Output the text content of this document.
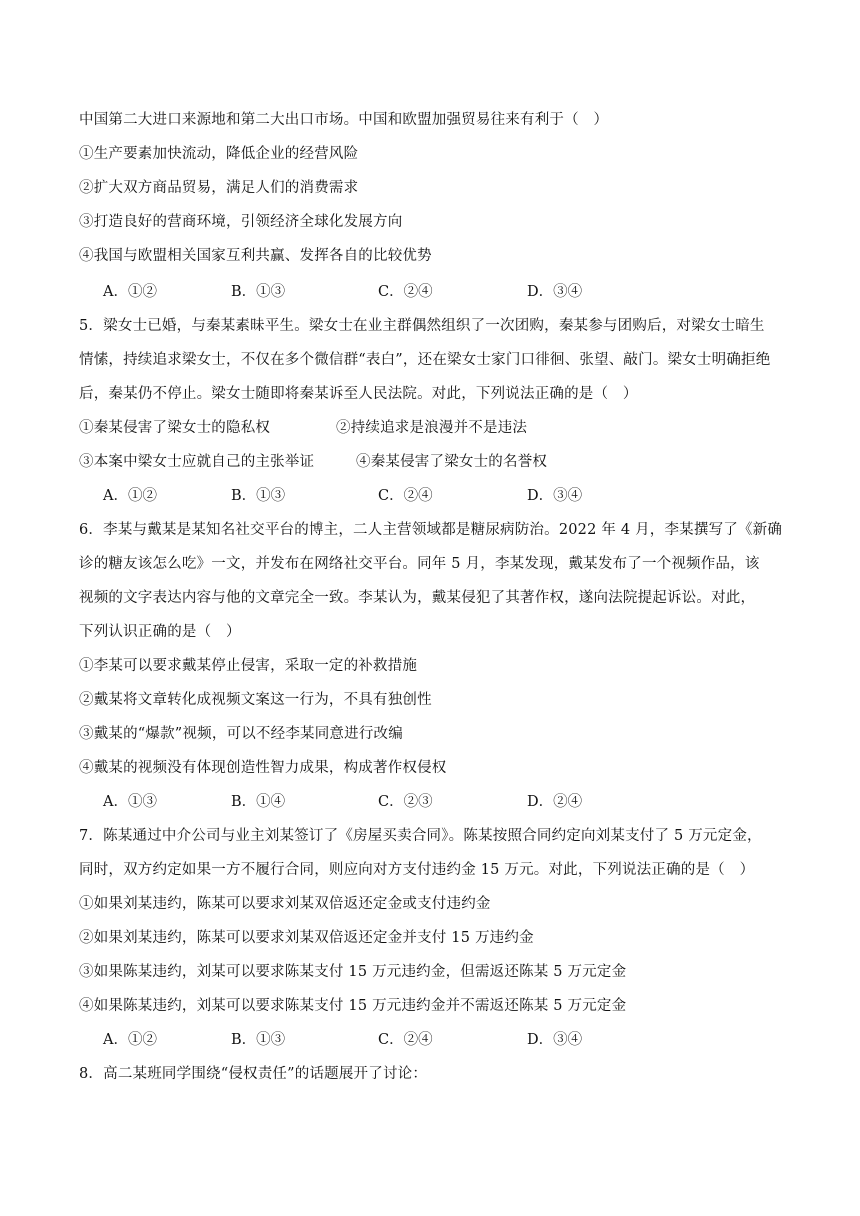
中国第二大进口来源地和第二大出口市场。中国和欧盟加强贸易往来有利于（　）
①生产要素加快流动，降低企业的经营风险
②扩大双方商品贸易，满足人们的消费需求
③打造良好的营商环境，引领经济全球化发展方向
④我国与欧盟相关国家互利共赢、发挥各自的比较优势
A．①②	B．①③	C．②④	D．③④
5．梁女士已婚，与秦某素昧平生。梁女士在业主群偶然组织了一次团购，秦某参与团购后，对梁女士暗生
情愫，持续追求梁女士，不仅在多个微信群“表白”，还在梁女士家门口徘徊、张望、敲门。梁女士明确拒绝
后，秦某仍不停止。梁女士随即将秦某诉至人民法院。对此，下列说法正确的是（　）
①秦某侵害了梁女士的隐私权	②持续追求是浪漫并不是违法
③本案中梁女士应就自己的主张举证	④秦某侵害了梁女士的名誉权
A．①②	B．①③	C．②④	D．③④
6．李某与戴某是某知名社交平台的博主，二人主营领域都是糖尿病防治。2022 年 4 月，李某撰写了《新确
诊的糖友该怎么吃》一文，并发布在网络社交平台。同年 5 月，李某发现，戴某发布了一个视频作品，该
视频的文字表达内容与他的文章完全一致。李某认为，戴某侵犯了其著作权，遂向法院提起诉讼。对此，
下列认识正确的是（　）
①李某可以要求戴某停止侵害，采取一定的补救措施
②戴某将文章转化成视频文案这一行为，不具有独创性
③戴某的“爆款”视频，可以不经李某同意进行改编
④戴某的视频没有体现创造性智力成果，构成著作权侵权
A．①③	B．①④	C．②③	D．②④
7．陈某通过中介公司与业主刘某签订了《房屋买卖合同》。陈某按照合同约定向刘某支付了 5 万元定金，
同时，双方约定如果一方不履行合同，则应向对方支付违约金 15 万元。对此，下列说法正确的是（　）
①如果刘某违约，陈某可以要求刘某双倍返还定金或支付违约金
②如果刘某违约，陈某可以要求刘某双倍返还定金并支付 15 万违约金
③如果陈某违约，刘某可以要求陈某支付 15 万元违约金，但需返还陈某 5 万元定金
④如果陈某违约，刘某可以要求陈某支付 15 万元违约金并不需返还陈某 5 万元定金
A．①②	B．①③	C．②④	D．③④
8．高二某班同学围绕“侵权责任”的话题展开了讨论：
